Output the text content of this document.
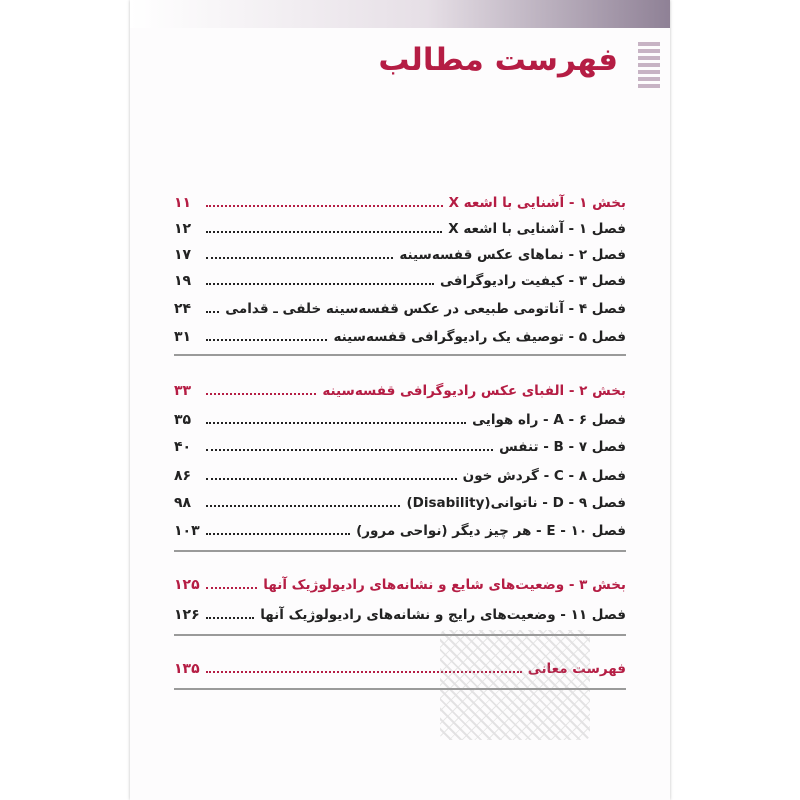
فهرست مطالب
بخش ۱ - آشنایی با اشعه X
۱۱
فصل ۱ - آشنایی با اشعه X
۱۲
فصل ۲ - نماهای عکس قفسه‌سینه
۱۷
فصل ۳ - کیفیت رادیوگرافی
۱۹
فصل ۴ - آناتومی طبیعی در عکس قفسه‌سینه خلفی ـ قدامی
۲۴
فصل ۵ - توصیف یک رادیوگرافی قفسه‌سینه
۳۱
بخش ۲ - الفبای عکس رادیوگرافی قفسه‌سینه
۳۳
فصل ۶ - A - راه هوایی
۳۵
فصل ۷ - B - تنفس
۴۰
فصل ۸ - C - گردش خون
۸۶
فصل ۹ - D - ناتوانی(Disability)
۹۸
فصل ۱۰ - E - هر چیز دیگر (نواحی مرور)
۱۰۳
بخش ۳ - وضعیت‌های شایع و نشانه‌های رادیولوژیک آنها
۱۲۵
فصل ۱۱ - وضعیت‌های رایج و نشانه‌های رادیولوژیک آنها
۱۲۶
فهرست معانی
۱۳۵
